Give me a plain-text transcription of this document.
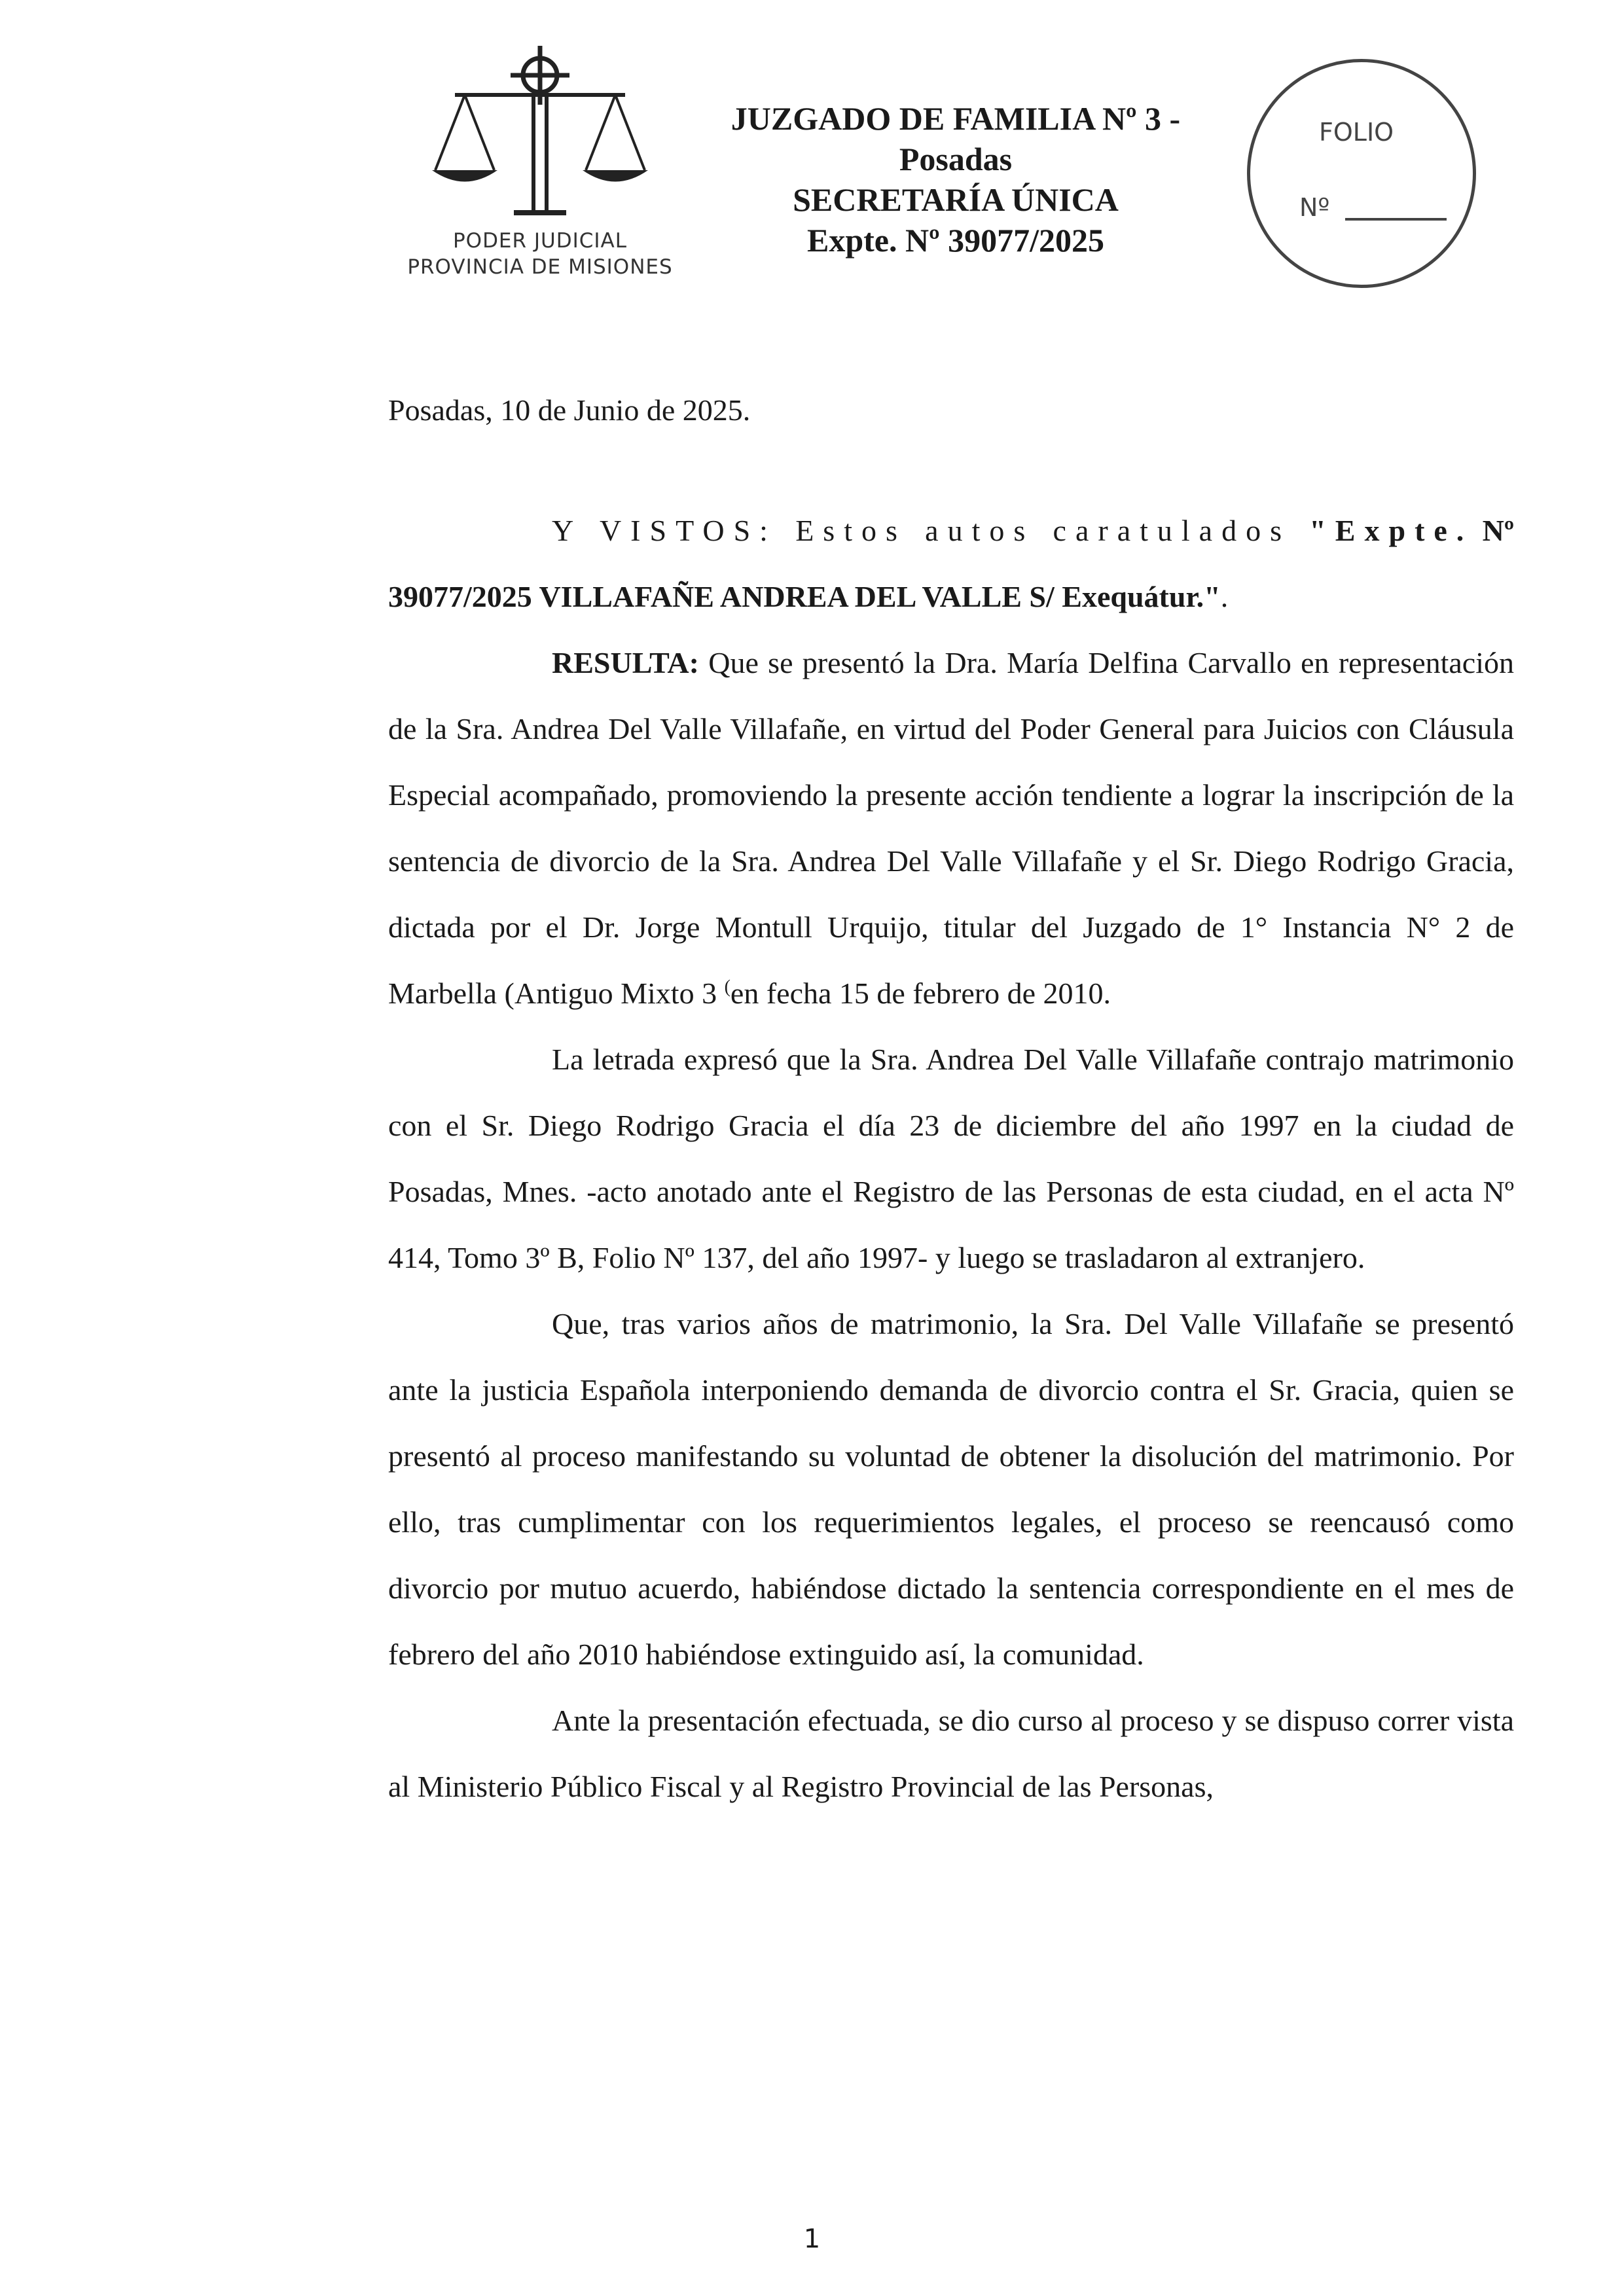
PODER JUDICIAL
PROVINCIA DE MISIONES
JUZGADO DE FAMILIA Nº 3 -
Posadas
SECRETARÍA ÚNICA
Expte. Nº 39077/2025
FOLIO
Nº
Posadas, 10 de Junio de 2025.

Y VISTOS: Estos autos caratulados "Expte. Nº 39077/2025 VILLAFAÑE ANDREA DEL VALLE S/ Exequátur.".

RESULTA: Que se presentó la Dra. María Delfina Carvallo en representación de la Sra. Andrea Del Valle Villafañe, en virtud del Poder General para Juicios con Cláusula Especial acompañado, promoviendo la presente acción tendiente a lograr la inscripción de la sentencia de divorcio de la Sra. Andrea Del Valle Villafañe y el Sr. Diego Rodrigo Gracia, dictada por el Dr. Jorge Montull Urquijo, titular del Juzgado de 1° Instancia N° 2 de Marbella (Antiguo Mixto 3 (en fecha 15 de febrero de 2010.

La letrada expresó que la Sra. Andrea Del Valle Villafañe contrajo matrimonio con el Sr. Diego Rodrigo Gracia el día 23 de diciembre del año 1997 en la ciudad de Posadas, Mnes. -acto anotado ante el Registro de las Personas de esta ciudad, en el acta Nº 414, Tomo 3º B, Folio Nº 137, del año 1997- y luego se trasladaron al extranjero.

Que, tras varios años de matrimonio, la Sra. Del Valle Villafañe se presentó ante la justicia Española interponiendo demanda de divorcio contra el Sr. Gracia, quien se presentó al proceso manifestando su voluntad de obtener la disolución del matrimonio. Por ello, tras cumplimentar con los requerimientos legales, el proceso se reencausó como divorcio por mutuo acuerdo, habiéndose dictado la sentencia correspondiente en el mes de febrero del año 2010 habiéndose extinguido así, la comunidad.

Ante la presentación efectuada, se dio curso al proceso y se dispuso correr vista al Ministerio Público Fiscal y al Registro Provincial de las Personas,

1
